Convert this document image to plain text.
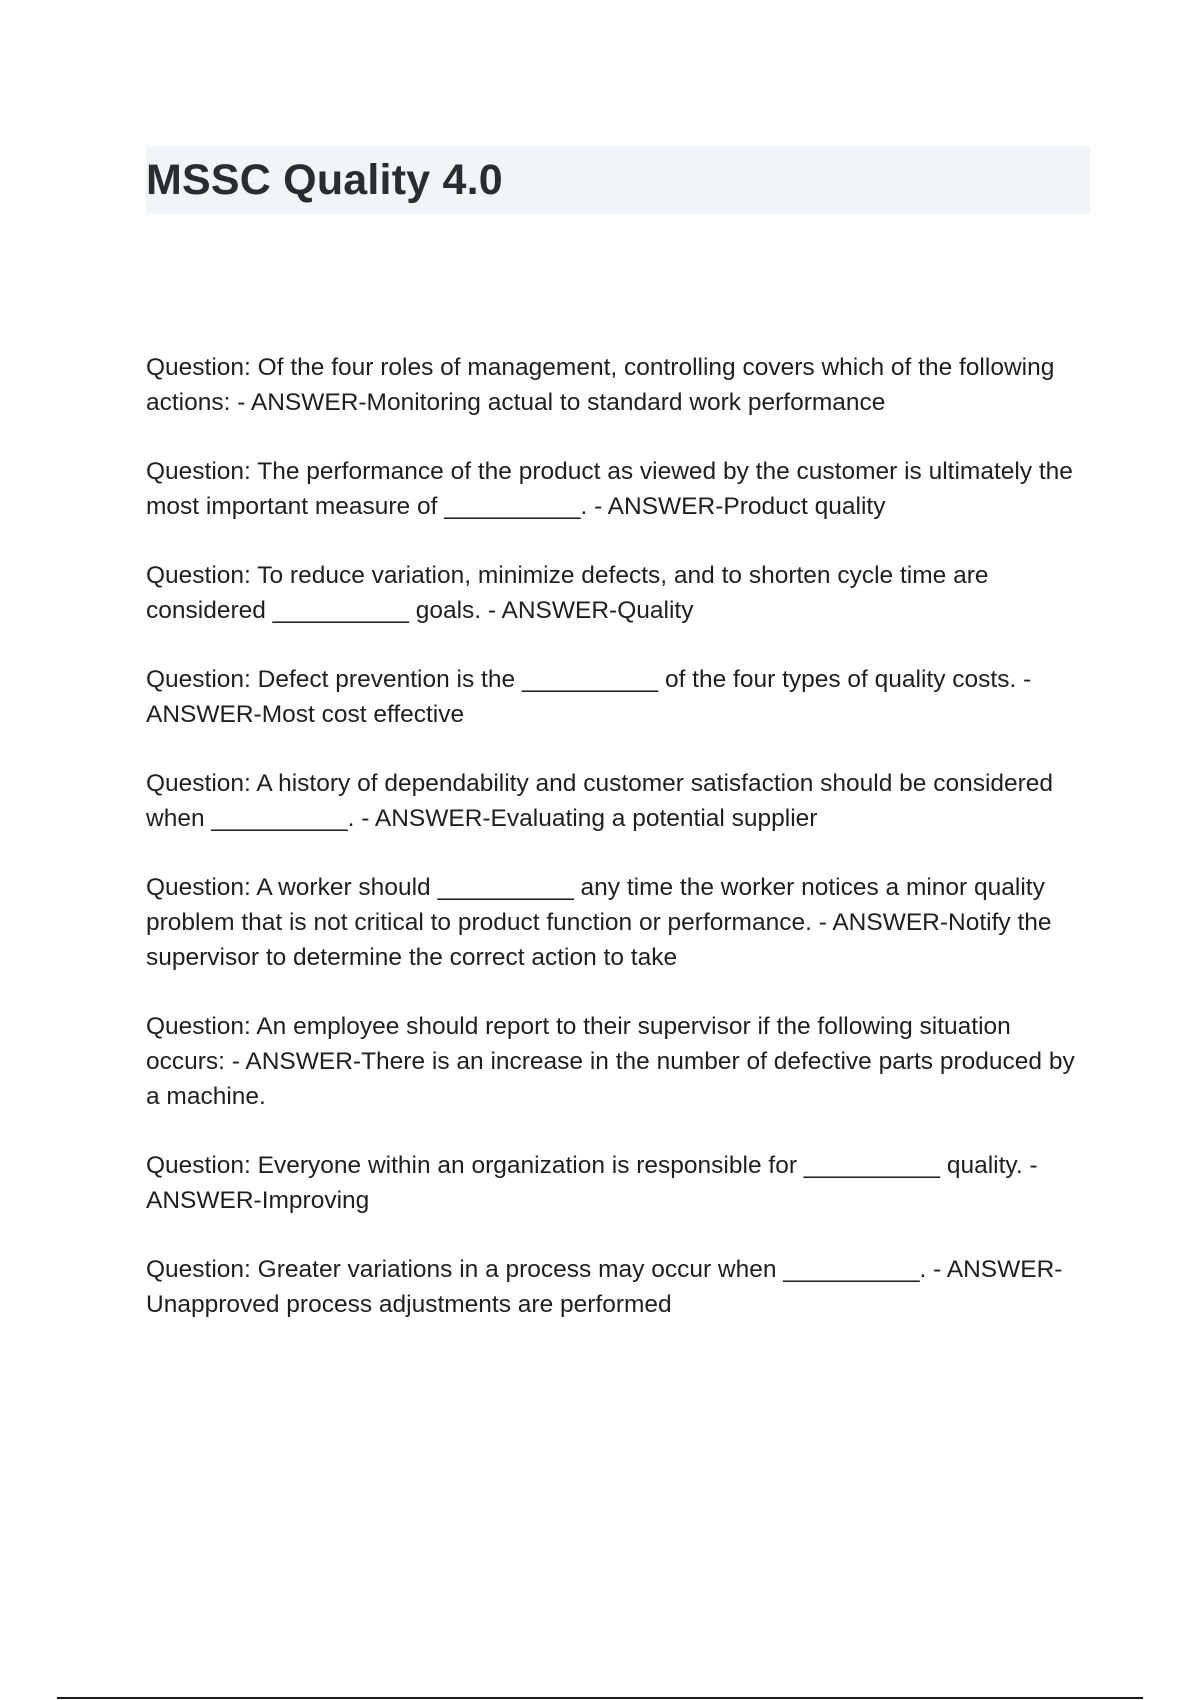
MSSC Quality 4.0
Question: Of the four roles of management, controlling covers which of the following actions: - ANSWER-Monitoring actual to standard work performance
Question: The performance of the product as viewed by the customer is ultimately the most important measure of __________. - ANSWER-Product quality
Question: To reduce variation, minimize defects, and to shorten cycle time are considered __________ goals. - ANSWER-Quality
Question: Defect prevention is the __________ of the four types of quality costs. - ANSWER-Most cost effective
Question: A history of dependability and customer satisfaction should be considered when __________. - ANSWER-Evaluating a potential supplier
Question: A worker should __________ any time the worker notices a minor quality problem that is not critical to product function or performance. - ANSWER-Notify the supervisor to determine the correct action to take
Question: An employee should report to their supervisor if the following situation occurs: - ANSWER-There is an increase in the number of defective parts produced by a machine.
Question: Everyone within an organization is responsible for __________ quality. - ANSWER-Improving
Question: Greater variations in a process may occur when __________. - ANSWER-Unapproved process adjustments are performed
